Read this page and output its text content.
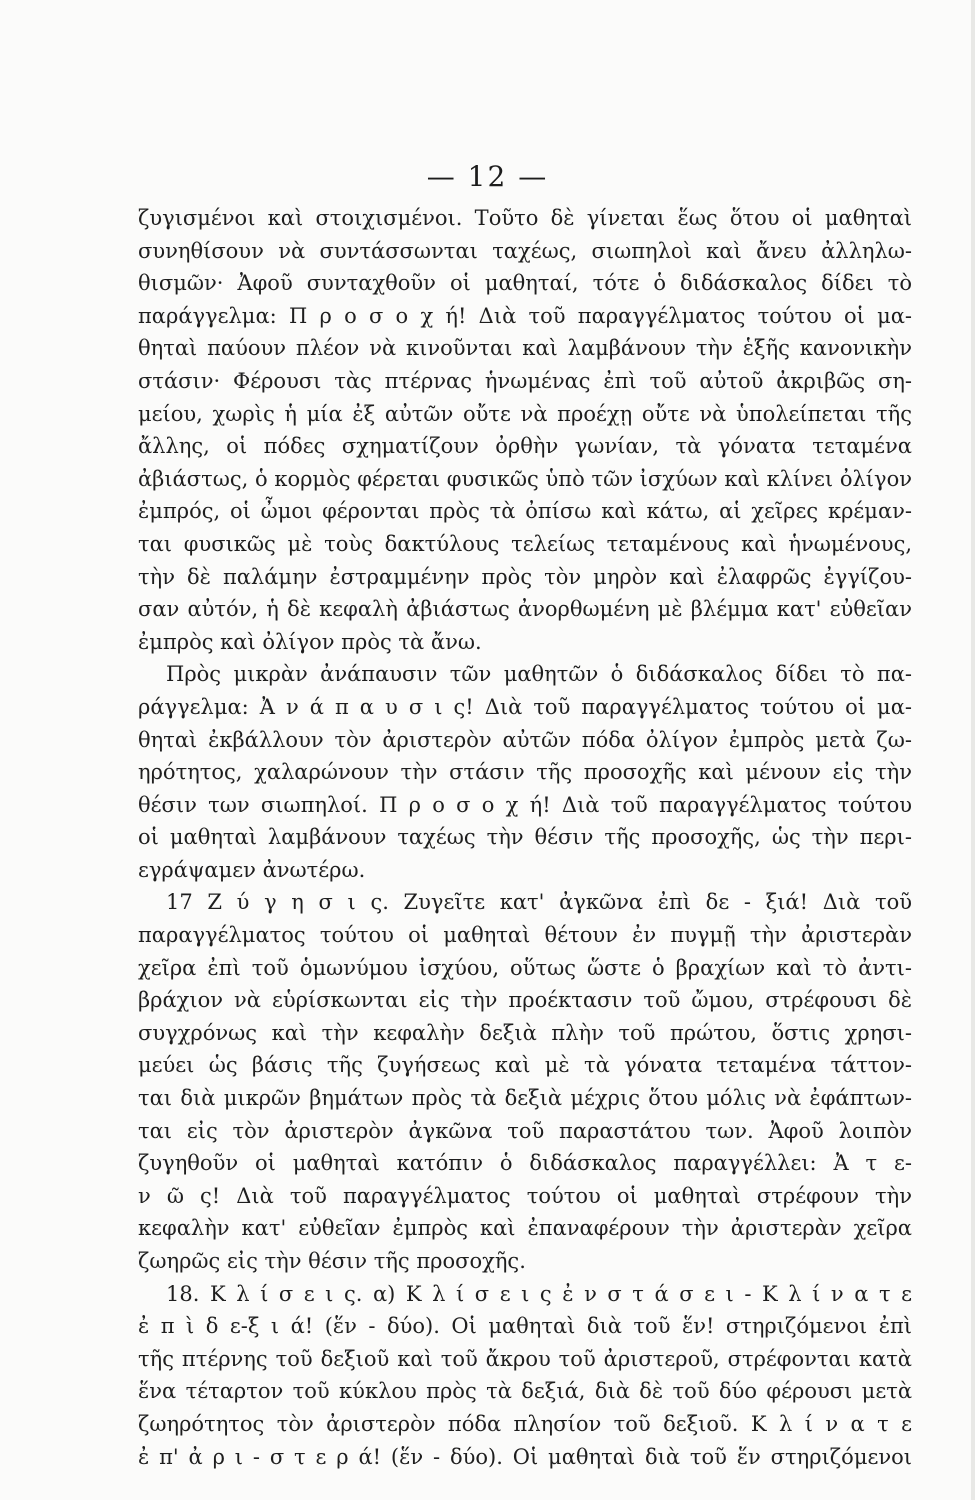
— 12 —
ζυγισμένοι καὶ στοιχισμένοι. Τοῦτο δὲ γίνεται ἕως ὅτου οἱ μαθηταὶ
συνηθίσουν νὰ συντάσσωνται ταχέως, σιωπηλοὶ καὶ ἄνευ ἀλληλω-
θισμῶν· Ἀφοῦ συνταχθοῦν οἱ μαθηταί, τότε ὁ διδάσκαλος δίδει τὸ
παράγγελμα: Π ρ ο σ ο χ ή! Διὰ τοῦ παραγγέλματος τούτου οἱ μα-
θηταὶ παύουν πλέον νὰ κινοῦνται καὶ λαμβάνουν τὴν ἑξῆς κανονικὴν
στάσιν· Φέρουσι τὰς πτέρνας ἡνωμένας ἐπὶ τοῦ αὐτοῦ ἀκριβῶς ση-
μείου, χωρὶς ἡ μία ἐξ αὐτῶν οὔτε νὰ προέχῃ οὔτε νὰ ὑπολείπεται τῆς
ἄλλης, οἱ πόδες σχηματίζουν ὀρθὴν γωνίαν, τὰ γόνατα τεταμένα
ἀβιάστως, ὁ κορμὸς φέρεται φυσικῶς ὑπὸ τῶν ἰσχύων καὶ κλίνει ὀλίγον
ἐμπρός, οἱ ὦμοι φέρονται πρὸς τὰ ὀπίσω καὶ κάτω, αἱ χεῖρες κρέμαν-
ται φυσικῶς μὲ τοὺς δακτύλους τελείως τεταμένους καὶ ἡνωμένους,
τὴν δὲ παλάμην ἐστραμμένην πρὸς τὸν μηρὸν καὶ ἐλαφρῶς ἐγγίζου-
σαν αὐτόν, ἡ δὲ κεφαλὴ ἀβιάστως ἀνορθωμένη μὲ βλέμμα κατ' εὐθεῖαν
ἐμπρὸς καὶ ὀλίγον πρὸς τὰ ἄνω.
Πρὸς μικρὰν ἀνάπαυσιν τῶν μαθητῶν ὁ διδάσκαλος δίδει τὸ πα-
ράγγελμα: Ἀ ν ά π α υ σ ι ς! Διὰ τοῦ παραγγέλματος τούτου οἱ μα-
θηταὶ ἐκβάλλουν τὸν ἀριστερὸν αὐτῶν πόδα ὀλίγον ἐμπρὸς μετὰ ζω-
ηρότητος, χαλαρώνουν τὴν στάσιν τῆς προσοχῆς καὶ μένουν εἰς τὴν
θέσιν των σιωπηλοί. Π ρ ο σ ο χ ή! Διὰ τοῦ παραγγέλματος τούτου
οἱ μαθηταὶ λαμβάνουν ταχέως τὴν θέσιν τῆς προσοχῆς, ὡς τὴν περι-
εγράψαμεν ἀνωτέρω.
17 Ζ ύ γ η σ ι ς. Ζυγεῖτε κατ' ἀγκῶνα ἐπὶ δε - ξιά! Διὰ τοῦ
παραγγέλματος τούτου οἱ μαθηταὶ θέτουν ἐν πυγμῇ τὴν ἀριστερὰν
χεῖρα ἐπὶ τοῦ ὁμωνύμου ἰσχύου, οὕτως ὥστε ὁ βραχίων καὶ τὸ ἀντι-
βράχιον νὰ εὑρίσκωνται εἰς τὴν προέκτασιν τοῦ ὤμου, στρέφουσι δὲ
συγχρόνως καὶ τὴν κεφαλὴν δεξιὰ πλὴν τοῦ πρώτου, ὅστις χρησι-
μεύει ὡς βάσις τῆς ζυγήσεως καὶ μὲ τὰ γόνατα τεταμένα τάττον-
ται διὰ μικρῶν βημάτων πρὸς τὰ δεξιὰ μέχρις ὅτου μόλις νὰ ἐφάπτων-
ται εἰς τὸν ἀριστερὸν ἀγκῶνα τοῦ παραστάτου των. Ἀφοῦ λοιπὸν
ζυγηθοῦν οἱ μαθηταὶ κατόπιν ὁ διδάσκαλος παραγγέλλει: Ἀ τ ε-
ν ῶ ς! Διὰ τοῦ παραγγέλματος τούτου οἱ μαθηταὶ στρέφουν τὴν
κεφαλὴν κατ' εὐθεῖαν ἐμπρὸς καὶ ἐπαναφέρουν τὴν ἀριστερὰν χεῖρα
ζωηρῶς εἰς τὴν θέσιν τῆς προσοχῆς.
18. Κ λ ί σ ε ι ς. α) Κ λ ί σ ε ι ς ἐ ν σ τ ά σ ε ι - Κ λ ί ν α τ ε
ἐ π ὶ δ ε-ξ ι ά! (ἕν - δύο). Οἱ μαθηταὶ διὰ τοῦ ἕν! στηριζόμενοι ἐπὶ
τῆς πτέρνης τοῦ δεξιοῦ καὶ τοῦ ἄκρου τοῦ ἀριστεροῦ, στρέφονται κατὰ
ἕνα τέταρτον τοῦ κύκλου πρὸς τὰ δεξιά, διὰ δὲ τοῦ δύο φέρουσι μετὰ
ζωηρότητος τὸν ἀριστερὸν πόδα πλησίον τοῦ δεξιοῦ. Κ λ ί ν α τ ε
ἐ π' ἀ ρ ι - σ τ ε ρ ά! (ἕν - δύο). Οἱ μαθηταὶ διὰ τοῦ ἕν στηριζόμενοι
